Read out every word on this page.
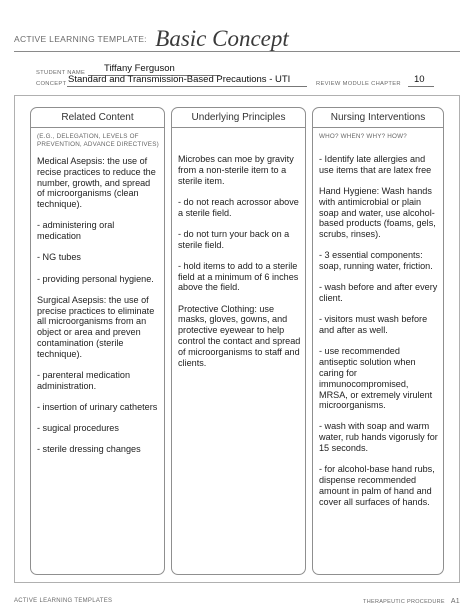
ACTIVE LEARNING TEMPLATE: Basic Concept
STUDENT NAME Tiffany Ferguson
CONCEPT Standard and Transmission-Based Precautions - UTI	REVIEW MODULE CHAPTER 10
Related Content
(E.G., DELEGATION, LEVELS OF PREVENTION, ADVANCE DIRECTIVES)
Medical Asepsis: the use of recise practices to reduce the number, growth, and spread of microorganisms (clean technique).
- administering oral medication
- NG tubes
- providing personal hygiene.
Surgical Asepsis: the use of precise practices to eliminate all microorganisms from an object or area and preven contamination (sterile technique).
- parenteral medication administration.
- insertion of urinary catheters
- sugical procedures
- sterile dressing changes
Underlying Principles
Microbes can moe by gravity from a non-sterile item to a sterile item.
- do not reach acrossor above a sterile field.
- do not turn your back on a sterile field.
- hold items to add to a sterile field at a minimum of 6 inches above the field.
Protective Clothing: use masks, gloves, gowns, and protective eyewear to help control the contact and spread of microorganisms to staff and clients.
Nursing Interventions
WHO? WHEN? WHY? HOW?
- Identify late allergies and use items that are latex free
Hand Hygiene: Wash hands with antimicrobial or plain soap and water, use alcohol-based products (foams, gels, scrubs, rinses).
- 3 essential components: soap, running water, friction.
- wash before and after every client.
- visitors must wash before and after as well.
- use recommended antiseptic solution when caring for immunocompromised, MRSA, or extremely virulent microorganisms.
- wash with soap and warm water, rub hands vigorusly for 15 seconds.
- for alcohol-base hand rubs, dispense recommended amount in palm of hand and cover all surfaces of hands.
ACTIVE LEARNING TEMPLATES	THERAPEUTIC PROCEDURE A1
